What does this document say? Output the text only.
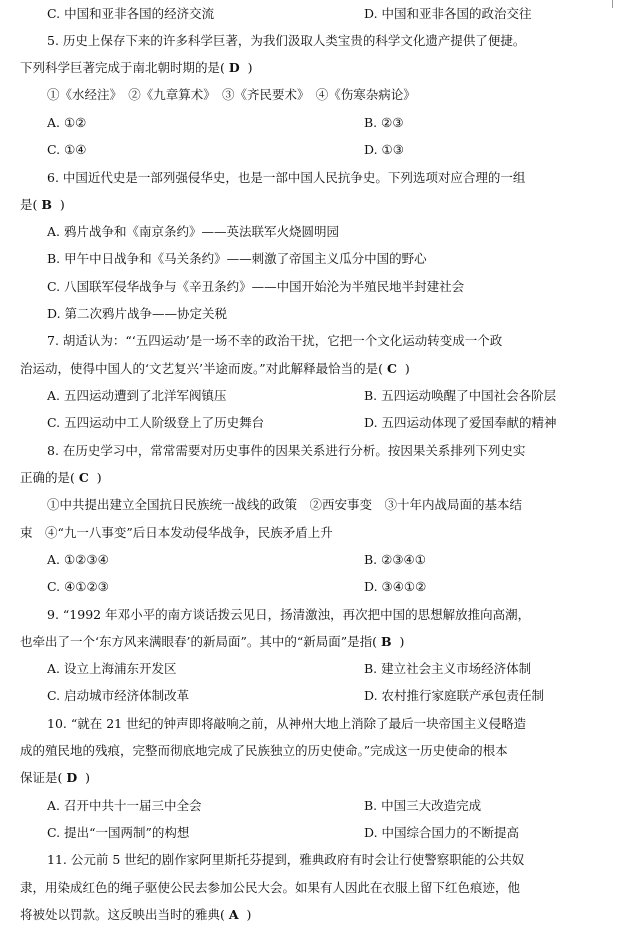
C. 中国和亚非各国的经济交流	D. 中国和亚非各国的政治交往
5. 历史上保存下来的许多科学巨著，为我们汲取人类宝贵的科学文化遗产提供了便捷。
下列科学巨著完成于南北朝时期的是( D )
①《水经注》　②《九章算术》　③《齐民要术》　④《伤寒杂病论》
A. ①②	B. ②③
C. ①④	D. ①③
6. 中国近代史是一部列强侵华史，也是一部中国人民抗争史。下列选项对应合理的一组
是( B )
A. 鸦片战争和《南京条约》——英法联军火烧圆明园
B. 甲午中日战争和《马关条约》——刺激了帝国主义瓜分中国的野心
C. 八国联军侵华战争与《辛丑条约》——中国开始沦为半殖民地半封建社会
D. 第二次鸦片战争——协定关税
7. 胡适认为：“‘五四运动’是一场不幸的政治干扰，它把一个文化运动转变成一个政
治运动，使得中国人的‘文艺复兴’半途而废。”对此解释最恰当的是( C )
A. 五四运动遭到了北洋军阀镇压	B. 五四运动唤醒了中国社会各阶层
C. 五四运动中工人阶级登上了历史舞台	D. 五四运动体现了爱国奉献的精神
8. 在历史学习中，常常需要对历史事件的因果关系进行分析。按因果关系排列下列史实
正确的是( C )
①中共提出建立全国抗日民族统一战线的政策　②西安事变　③十年内战局面的基本结
束　④“九一八事变”后日本发动侵华战争，民族矛盾上升
A. ①②③④	B. ②③④①
C. ④①②③	D. ③④①②
9. “1992 年邓小平的南方谈话拨云见日，扬清激浊，再次把中国的思想解放推向高潮，
也牵出了一个‘东方风来满眼春’的新局面”。其中的“新局面”是指( B )
A. 设立上海浦东开发区	B. 建立社会主义市场经济体制
C. 启动城市经济体制改革	D. 农村推行家庭联产承包责任制
10. “就在 21 世纪的钟声即将敲响之前，从神州大地上消除了最后一块帝国主义侵略造
成的殖民地的残痕，完整而彻底地完成了民族独立的历史使命。”完成这一历史使命的根本
保证是( D )
A. 召开中共十一届三中全会	B. 中国三大改造完成
C. 提出“一国两制”的构想	D. 中国综合国力的不断提高
11. 公元前 5 世纪的剧作家阿里斯托芬提到，雅典政府有时会让行使警察职能的公共奴
隶，用染成红色的绳子驱使公民去参加公民大会。如果有人因此在衣服上留下红色痕迹，他
将被处以罚款。这反映出当时的雅典( A )
